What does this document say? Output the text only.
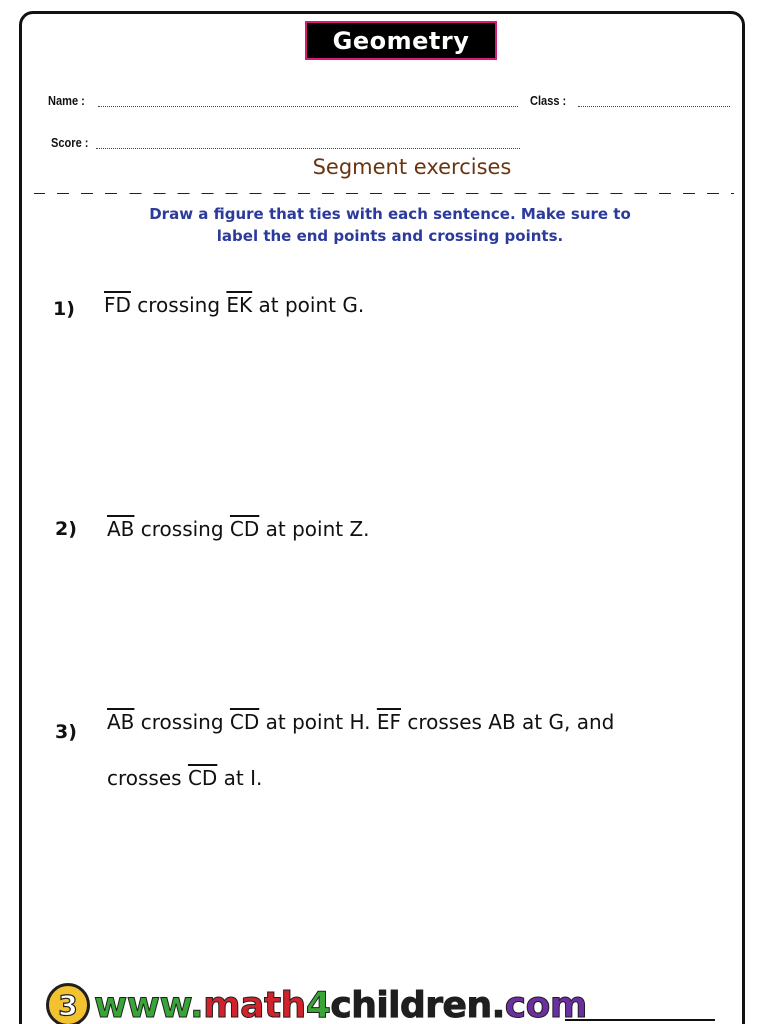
Geometry
Name :	Class :
Score :
Segment exercises
Draw a figure that ties with each sentence. Make sure to
label the end points and crossing points.
1) $\overline{FD}$ crossing $\overline{EK}$ at point G.
2) $\overline{AB}$ crossing $\overline{CD}$ at point Z.
3) $\overline{AB}$ crossing $\overline{CD}$ at point H. $\overline{EF}$ crosses AB at G, and
crosses $\overline{CD}$ at I.
3 www.math4children.com
